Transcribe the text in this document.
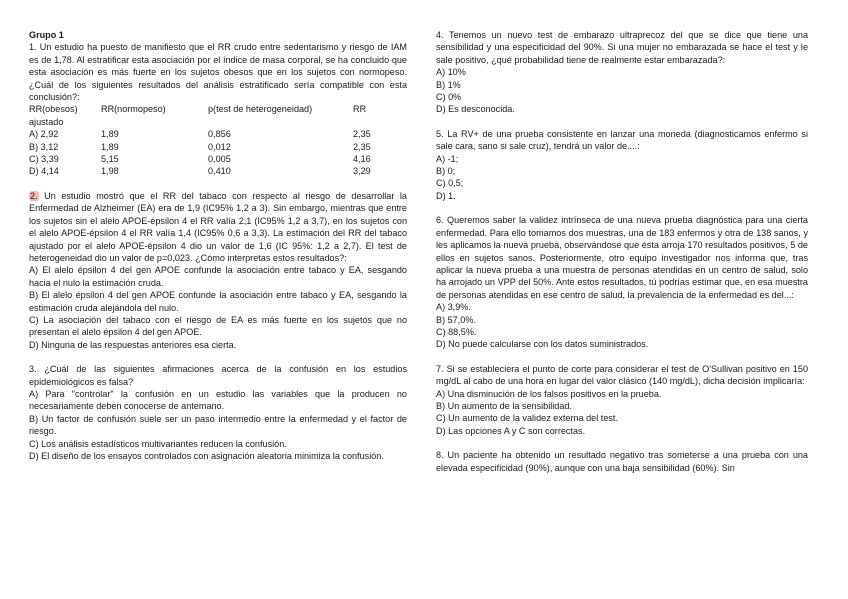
Grupo 1

1. Un estudio ha puesto de manifiesto que el RR crudo entre sedentarismo y riesgo de IAM es de 1,78. Al estratificar esta asociación por el índice de masa corporal, se ha concluido que esta asociación es más fuerte en los sujetos obesos que en los sujetos con normopeso. ¿Cuál de los siguientes resultados del análisis estratificado sería compatible con esta conclusión?:

RR(obesos)	RR(normopeso)	p(test de heterogeneidad)	RR
ajustado			
A) 2,92	1,89	0,856	2,35
B) 3,12	1,89	0,012	2,35
C) 3,39	5,15	0,005	4,16
D) 4,14	1,98	0,410	3,29

2. Un estudio mostró que el RR del tabaco con respecto al riesgo de desarrollar la Enfermedad de Alzheimer (EA) era de 1,9 (IC95% 1,2 a 3). Sin embargo, mientras que entre los sujetos sin el alelo APOE-épsilon 4 el RR valía 2,1 (IC95% 1,2 a 3,7), en los sujetos con el alelo APOE-épsilon 4 el RR valía 1,4 (IC95% 0,6 a 3,3). La estimación del RR del tabaco ajustado por el alelo APOE-épsilon 4 dio un valor de 1,6 (IC 95%: 1,2 a 2,7). El test de heterogeneidad dio un valor de p=0,023. ¿Cómo interpretas estos resultados?:

A) El alelo épsilon 4 del gen APOE confunde la asociación entre tabaco y EA, sesgando hacia el nulo la estimación cruda.

B) El alelo épsilon 4 del gen APOE confunde la asociación entre tabaco y EA, sesgando la estimación cruda alejándola del nulo.

C) La asociación del tabaco con el riesgo de EA es más fuerte en los sujetos que no presentan el alelo épsilon 4 del gen APOE.

D) Ninguna de las respuestas anteriores esa cierta.

3. ¿Cuál de las siguientes afirmaciones acerca de la confusión en los estudios epidemiológicos es falsa?

A) Para "controlar" la confusión en un estudio las variables que la producen no necesariamente deben conocerse de antemano.

B) Un factor de confusión suele ser un paso intermedio entre la enfermedad y el factor de riesgo.

C) Los análisis estadísticos multivariantes reducen la confusión.

D) El diseño de los ensayos controlados con asignación aleatoria minimiza la confusión.

4. Tenemos un nuevo test de embarazo ultraprecoz del que se dice que tiene una sensibilidad y una especificidad del 90%. Si una mujer no embarazada se hace el test y le sale positivo, ¿qué probabilidad tiene de realmente estar embarazada?:

A) 10%

B) 1%

C) 0%

D) Es desconocida.

5. La RV+ de una prueba consistente en lanzar una moneda (diagnosticamos enfermo si sale cara, sano si sale cruz), tendrá un valor de....:

A) -1;

B) 0;

C) 0,5;

D) 1.

6. Queremos saber la validez intrínseca de una nueva prueba diagnóstica para una cierta enfermedad. Para ello tomamos dos muestras, una de 183 enfermos y otra de 138 sanos, y les aplicamos la nueva prueba, observándose que ésta arroja 170 resultados positivos, 5 de ellos en sujetos sanos. Posteriormente, otro equipo investigador nos informa que, tras aplicar la nueva prueba a una muestra de personas atendidas en un centro de salud, solo ha arrojado un VPP del 50%. Ante estos resultados, tú podrías estimar que, en esa muestra de personas atendidas en ese centro de salud, la prevalencia de la enfermedad es del...:

A) 3,9%.

B) 57,0%.

C) 88,5%.

D) No puede calcularse con los datos suministrados.

7. Si se estableciera el punto de corte para considerar el test de O'Sullivan positivo en 150 mg/dL al cabo de una hora en lugar del valor clásico (140 mg/dL), dicha decisión implicaría:

A) Una disminución de los falsos positivos en la prueba.

B) Un aumento de la sensibilidad.

C) Un aumento de la validez externa del test.

D) Las opciones A y C son correctas.

8. Un paciente ha obtenido un resultado negativo tras someterse a una prueba con una elevada especificidad (90%), aunque con una baja sensibilidad (60%). Sin
